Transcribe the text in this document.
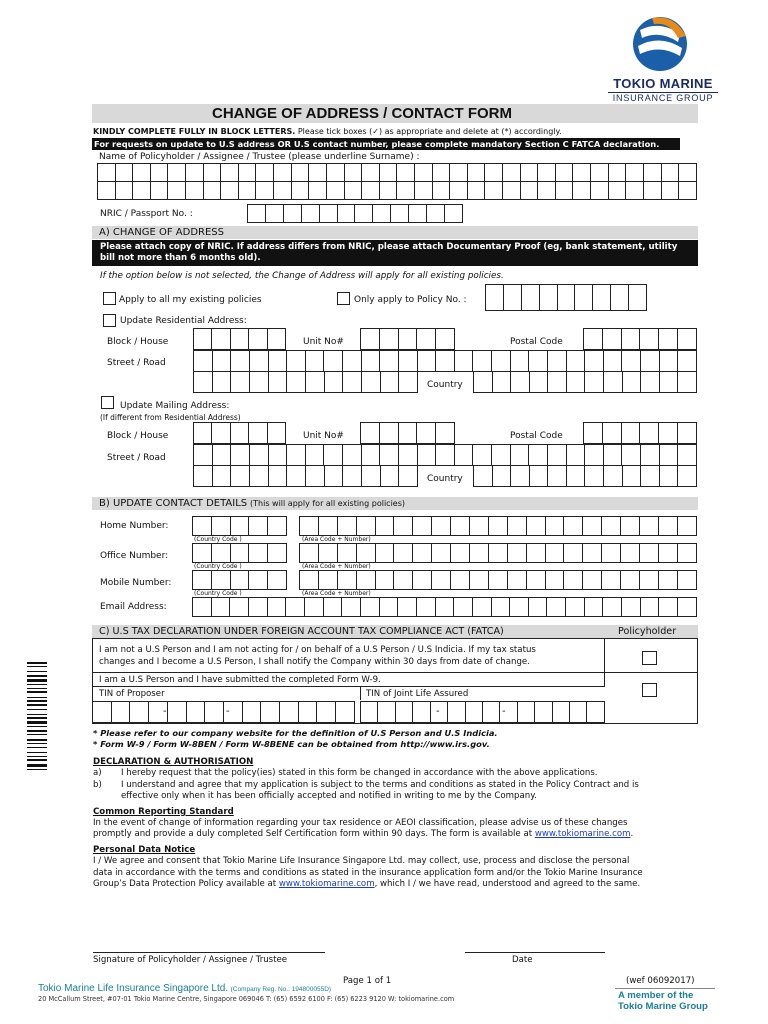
TOKIO MARINE
INSURANCE GROUP
CHANGE OF ADDRESS / CONTACT FORM
KINDLY COMPLETE FULLY IN BLOCK LETTERS. Please tick boxes (✓) as appropriate and delete at (*) accordingly.
For requests on update to U.S address OR U.S contact number, please complete mandatory Section C FATCA declaration.
Name of Policyholder / Assignee / Trustee (please underline Surname) :
NRIC / Passport No. :
A) CHANGE OF ADDRESS
Please attach copy of NRIC. If address differs from NRIC, please attach Documentary Proof (eg, bank statement, utility
bill not more than 6 months old).
If the option below is not selected, the Change of Address will apply for all existing policies.
Apply to all my existing policies	Only apply to Policy No. :
Update Residential Address:
Block / House	Unit No#	Postal Code
Street / Road
Country
Update Mailing Address:
(If different from Residential Address)
Block / House	Unit No#	Postal Code
Street / Road
Country
B) UPDATE CONTACT DETAILS (This will apply for all existing policies)
Home Number:
(Country Code )	(Area Code + Number)
Office Number:
(Country Code )	(Area Code + Number)
Mobile Number:
(Country Code )	(Area Code + Number)
Email Address:
C) U.S TAX DECLARATION UNDER FOREIGN ACCOUNT TAX COMPLIANCE ACT (FATCA)	Policyholder
I am not a U.S Person and I am not acting for / on behalf of a U.S Person / U.S Indicia. If my tax status
changes and I become a U.S Person, I shall notify the Company within 30 days from date of change.
I am a U.S Person and I have submitted the completed Form W-9.
TIN of Proposer	TIN of Joint Life Assured
-	-	-	-
* Please refer to our company website for the definition of U.S Person and U.S Indicia.
* Form W-9 / Form W-8BEN / Form W-8BENE can be obtained from http://www.irs.gov.
DECLARATION & AUTHORISATION
a) I hereby request that the policy(ies) stated in this form be changed in accordance with the above applications.
b) I understand and agree that my application is subject to the terms and conditions as stated in the Policy Contract and is
effective only when it has been officially accepted and notified in writing to me by the Company.
Common Reporting Standard
In the event of change of information regarding your tax residence or AEOI classification, please advise us of these changes
promptly and provide a duly completed Self Certification form within 90 days. The form is available at www.tokiomarine.com.
Personal Data Notice
I / We agree and consent that Tokio Marine Life Insurance Singapore Ltd. may collect, use, process and disclose the personal
data in accordance with the terms and conditions as stated in the insurance application form and/or the Tokio Marine Insurance
Group’s Data Protection Policy available at www.tokiomarine.com, which I / we have read, understood and agreed to the same.
Signature of Policyholder / Assignee / Trustee	Date
Page 1 of 1	(wef 06092017)
Tokio Marine Life Insurance Singapore Ltd. (Company Reg. No.: 194800055D)
20 McCallum Street, #07-01 Tokio Marine Centre, Singapore 069046 T: (65) 6592 6100 F: (65) 6223 9120 W: tokiomarine.com	A member of the
Tokio Marine Group
